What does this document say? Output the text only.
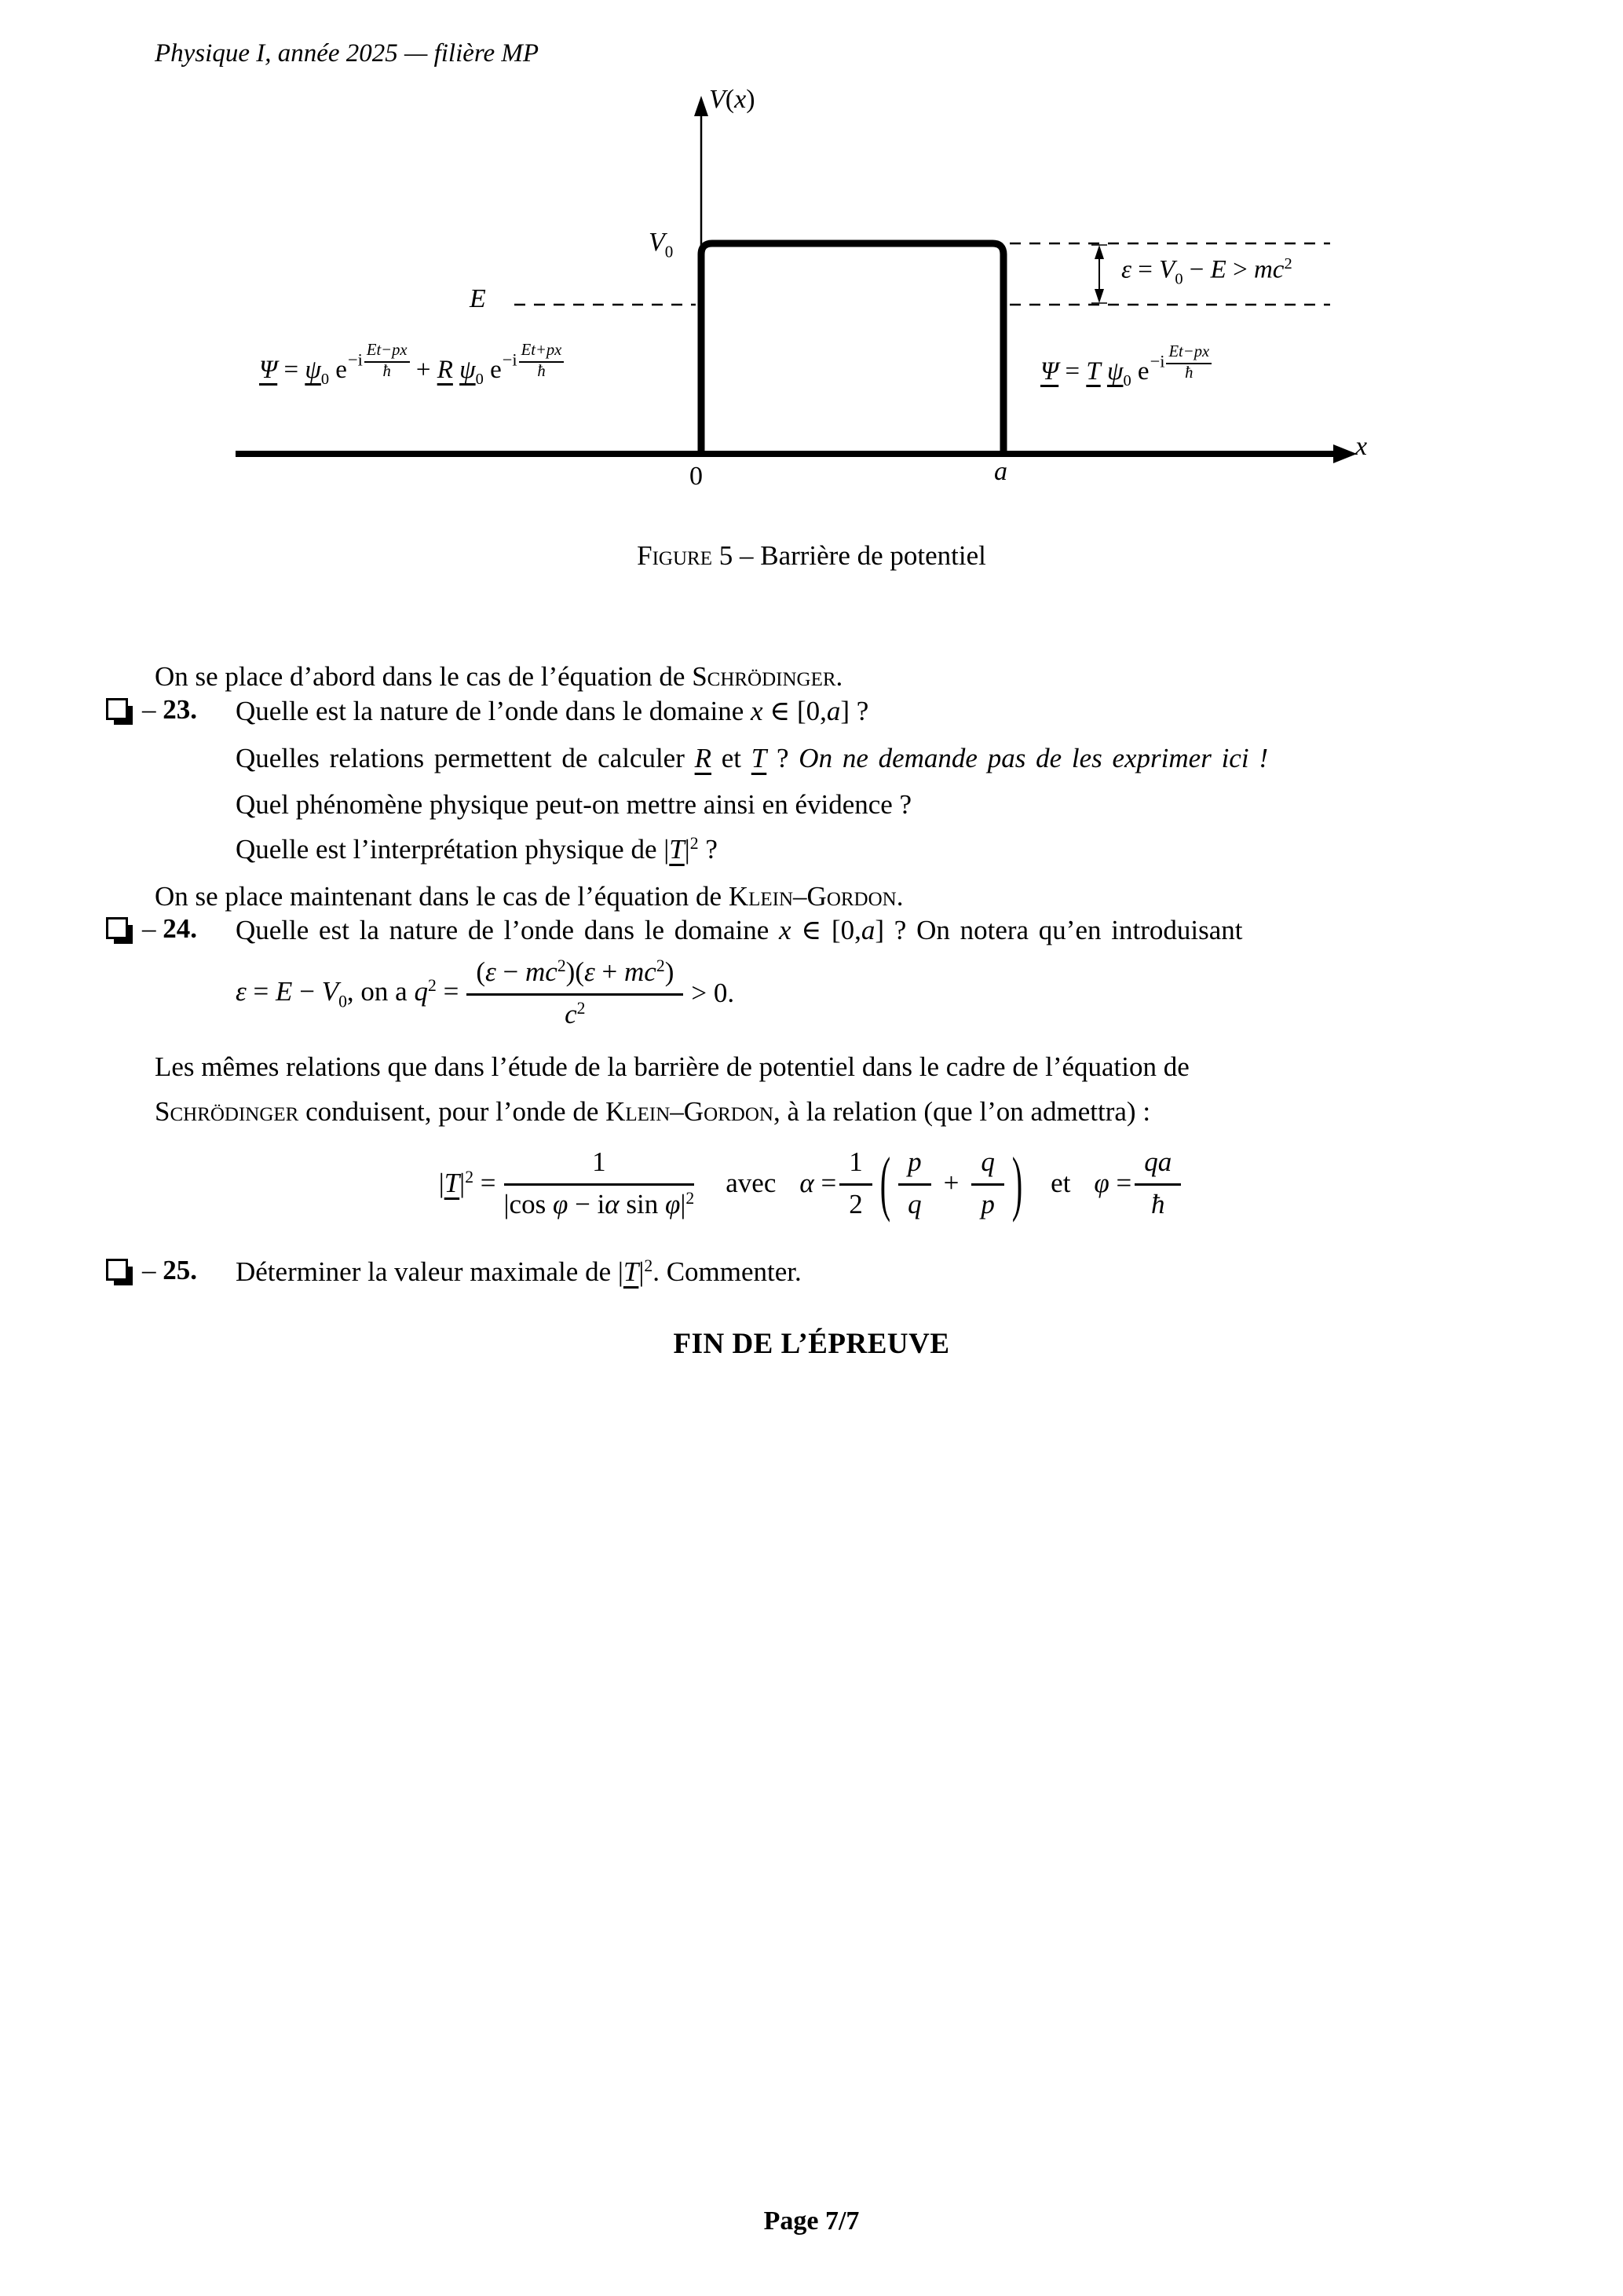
Physique I, année 2025 — filière MP
V(x)
$V_0$
E
$\varepsilon = V_0 - E > mc^2$
x
0	a
$\Psi = \psi_0$ $e-i \frac{Et-px}{ħ} + R$ $\psi_0$ $e-i \frac{Et+px}{ħ}$	Ψ = T $\psi_0$ $e-i \frac{Et-px}{ħ}$
Figure 5 – Barrière de potentiel
On se place d’abord dans le cas de l’équation de Schrödinger.
– 23. Quelle est la nature de l’onde dans le domaine x ∈ [0,a] ?
Quelles relations permettent de calculer R et T ? On ne demande pas de les exprimer ici !
Quel phénomène physique peut-on mettre ainsi en évidence ?
Quelle est l’interprétation physique de $|T|^2$ ?
On se place maintenant dans le cas de l’équation de Klein–Gordon.
– 24. Quelle est la nature de l’onde dans le domaine x ∈ [0,a] ? On notera qu’en introduisant
$\varepsilon = E - V_0$, on a $q^2 = \frac{(\varepsilon - mc^2)(\varepsilon + mc^2)}{c^2} > 0$.
Les mêmes relations que dans l’étude de la barrière de potentiel dans le cadre de l’équation de
Schrödinger conduisent, pour l’onde de Klein–Gordon, à la relation (que l’on admettra) :
$|T|^2 = \frac{1}{|\cos \varphi - i\alpha \sin \varphi|^2}$ avec $\alpha = \frac{1}{2}$ ( $\frac{p}{q} + \frac{q}{p}$ ) et $\varphi = \frac{qa}{ħ}$
– 25. Déterminer la valeur maximale de $|T|^2$. Commenter.
FIN DE L’ÉPREUVE
Page 7/7
